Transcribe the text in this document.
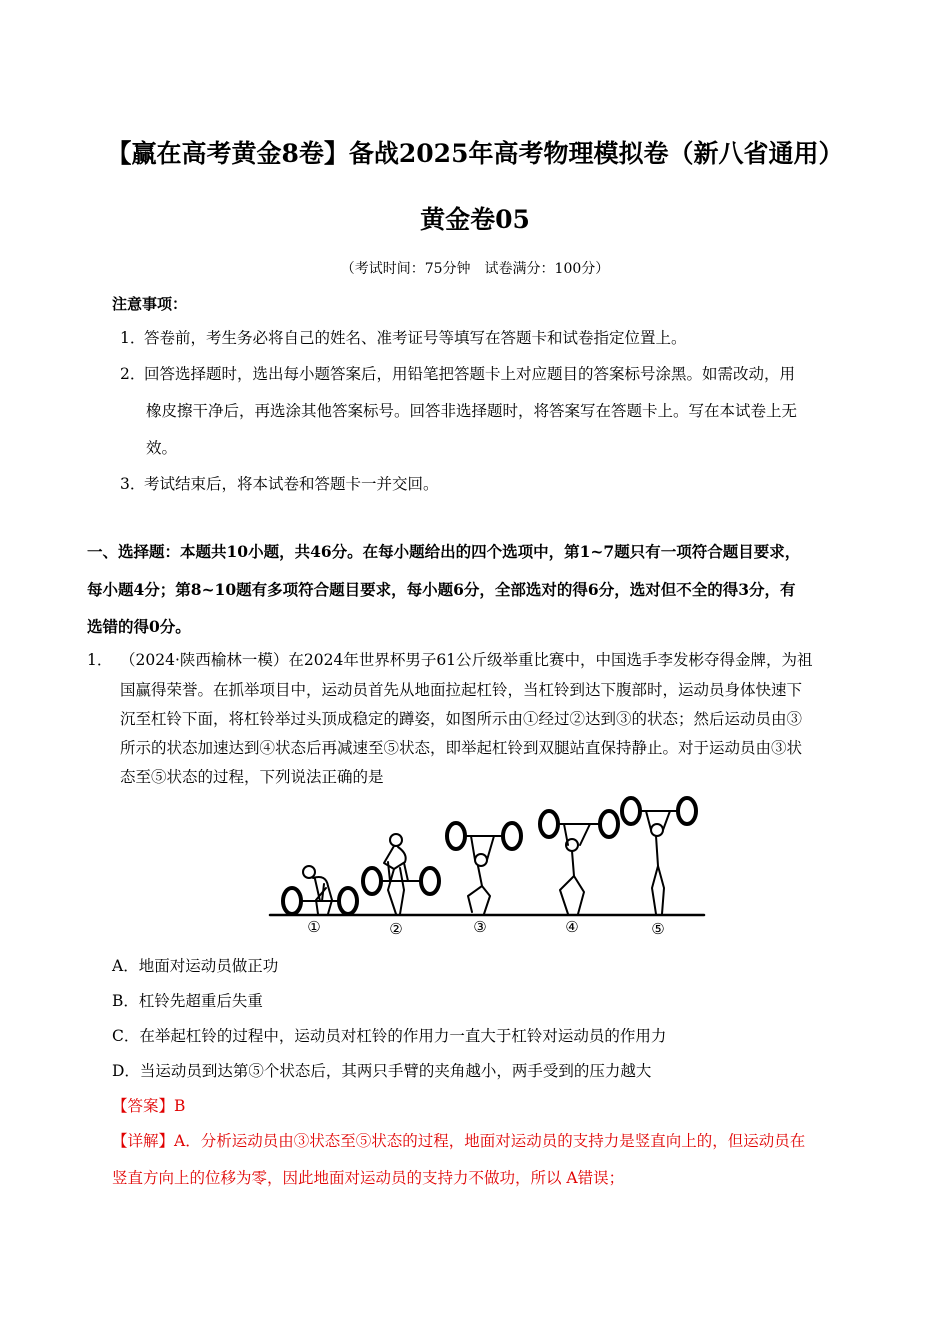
【赢在高考黄金8卷】备战2025年高考物理模拟卷（新八省通用）
黄金卷05
（考试时间：75分钟　试卷满分：100分）
注意事项：
1．答卷前，考生务必将自己的姓名、准考证号等填写在答题卡和试卷指定位置上。
2．回答选择题时，选出每小题答案后，用铅笔把答题卡上对应题目的答案标号涂黑。如需改动，用
橡皮擦干净后，再选涂其他答案标号。回答非选择题时，将答案写在答题卡上。写在本试卷上无
效。
3．考试结束后，将本试卷和答题卡一并交回。
一、选择题：本题共10小题，共46分。在每小题给出的四个选项中，第1~7题只有一项符合题目要求，
每小题4分；第8~10题有多项符合题目要求，每小题6分，全部选对的得6分，选对但不全的得3分，有
选错的得0分。
1． （2024·陕西榆林一模）在2024年世界杯男子61公斤级举重比赛中，中国选手李发彬夺得金牌，为祖
国赢得荣誉。在抓举项目中，运动员首先从地面拉起杠铃，当杠铃到达下腹部时，运动员身体快速下
沉至杠铃下面，将杠铃举过头顶成稳定的蹲姿，如图所示由①经过②达到③的状态；然后运动员由③
所示的状态加速达到④状态后再减速至⑤状态，即举起杠铃到双腿站直保持静止。对于运动员由③状
态至⑤状态的过程，下列说法正确的是
①	②	③	④	⑤
A．地面对运动员做正功
B．杠铃先超重后失重
C．在举起杠铃的过程中，运动员对杠铃的作用力一直大于杠铃对运动员的作用力
D．当运动员到达第⑤个状态后，其两只手臂的夹角越小，两手受到的压力越大
【答案】B
【详解】A．分析运动员由③状态至⑤状态的过程，地面对运动员的支持力是竖直向上的，但运动员在
竖直方向上的位移为零，因此地面对运动员的支持力不做功，所以 A错误；
